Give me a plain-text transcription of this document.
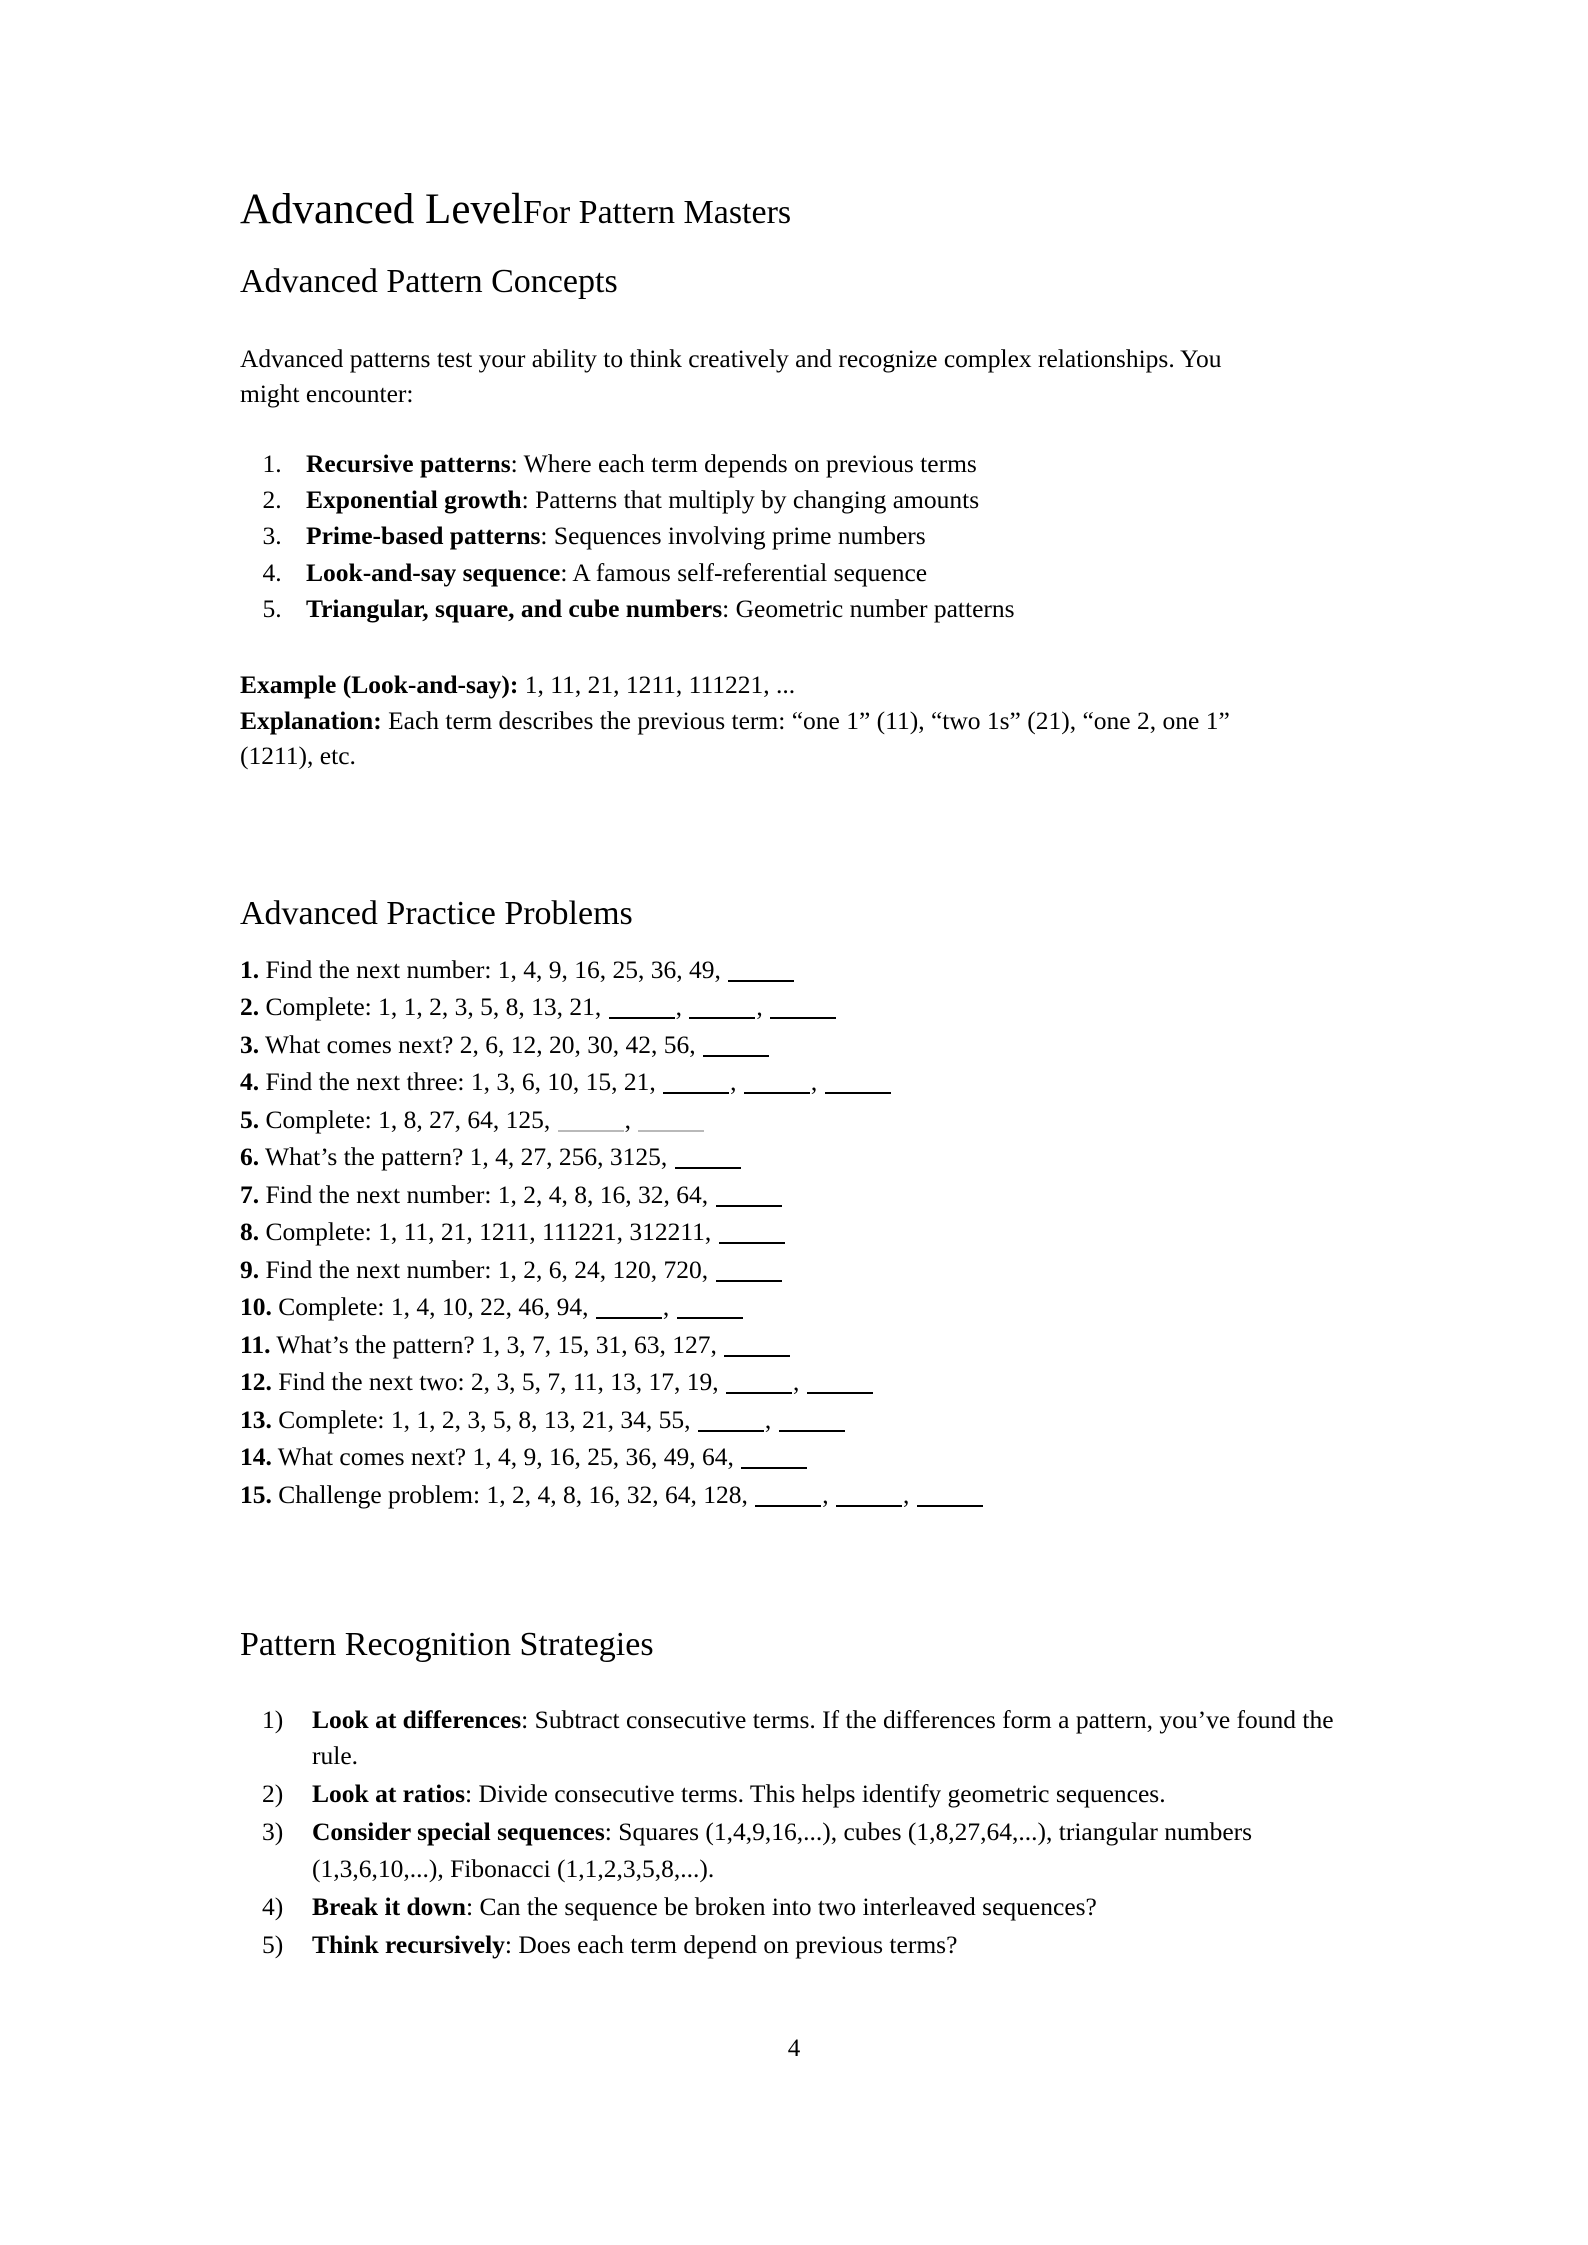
Advanced LevelFor Pattern Masters
Advanced Pattern Concepts

Advanced patterns test your ability to think creatively and recognize complex relationships. You might encounter:

1. Recursive patterns: Where each term depends on previous terms
2. Exponential growth: Patterns that multiply by changing amounts
3. Prime-based patterns: Sequences involving prime numbers
4. Look-and-say sequence: A famous self-referential sequence
5. Triangular, square, and cube numbers: Geometric number patterns
Example (Look-and-say): 1, 11, 21, 1211, 111221, ...
Explanation: Each term describes the previous term: “one 1” (11), “two 1s” (21), “one 2, one 1” (1211), etc.
Advanced Practice Problems
1. Find the next number: 1, 4, 9, 16, 25, 36, 49,
2. Complete: 1, 1, 2, 3, 5, 8, 13, 21,	,	,
3. What comes next? 2, 6, 12, 20, 30, 42, 56,
4. Find the next three: 1, 3, 6, 10, 15, 21,	,	,
5. Complete: 1, 8, 27, 64, 125,	,
6. What’s the pattern? 1, 4, 27, 256, 3125,
7. Find the next number: 1, 2, 4, 8, 16, 32, 64,
8. Complete: 1, 11, 21, 1211, 111221, 312211,
9. Find the next number: 1, 2, 6, 24, 120, 720,
10. Complete: 1, 4, 10, 22, 46, 94,	,
11. What’s the pattern? 1, 3, 7, 15, 31, 63, 127,
12. Find the next two: 2, 3, 5, 7, 11, 13, 17, 19,	,
13. Complete: 1, 1, 2, 3, 5, 8, 13, 21, 34, 55,	,
14. What comes next? 1, 4, 9, 16, 25, 36, 49, 64,
15. Challenge problem: 1, 2, 4, 8, 16, 32, 64, 128,	,	,
Pattern Recognition Strategies
Look at differences: Subtract consecutive terms. If the differences form a pattern, you’ve found the rule.
Look at ratios: Divide consecutive terms. This helps identify geometric sequences.
Consider special sequences: Squares (1,4,9,16,...), cubes (1,8,27,64,...), triangular numbers (1,3,6,10,...), Fibonacci (1,1,2,3,5,8,...).
Break it down: Can the sequence be broken into two interleaved sequences?
Think recursively: Does each term depend on previous terms?
4
